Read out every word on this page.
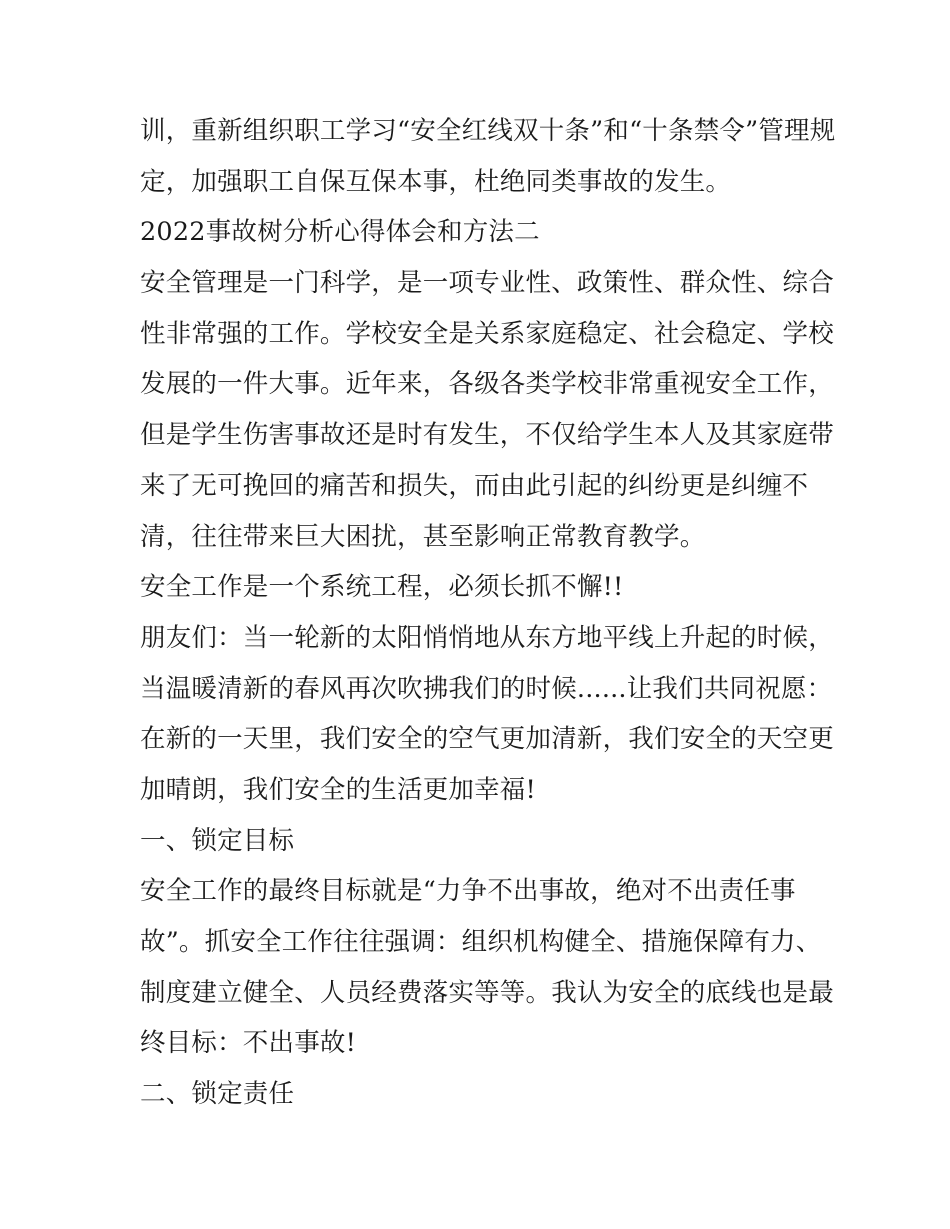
训，重新组织职工学习“安全红线双十条”和“十条禁令”管理规
定，加强职工自保互保本事，杜绝同类事故的发生。
2022事故树分析心得体会和方法二
安全管理是一门科学，是一项专业性、政策性、群众性、综合
性非常强的工作。学校安全是关系家庭稳定、社会稳定、学校
发展的一件大事。近年来，各级各类学校非常重视安全工作，
但是学生伤害事故还是时有发生，不仅给学生本人及其家庭带
来了无可挽回的痛苦和损失，而由此引起的纠纷更是纠缠不
清，往往带来巨大困扰，甚至影响正常教育教学。
安全工作是一个系统工程，必须长抓不懈!!
朋友们：当一轮新的太阳悄悄地从东方地平线上升起的时候，
当温暖清新的春风再次吹拂我们的时候......让我们共同祝愿：
在新的一天里，我们安全的空气更加清新，我们安全的天空更
加晴朗，我们安全的生活更加幸福!
一、锁定目标
安全工作的最终目标就是“力争不出事故，绝对不出责任事
故”。抓安全工作往往强调：组织机构健全、措施保障有力、
制度建立健全、人员经费落实等等。我认为安全的底线也是最
终目标：不出事故!
二、锁定责任
